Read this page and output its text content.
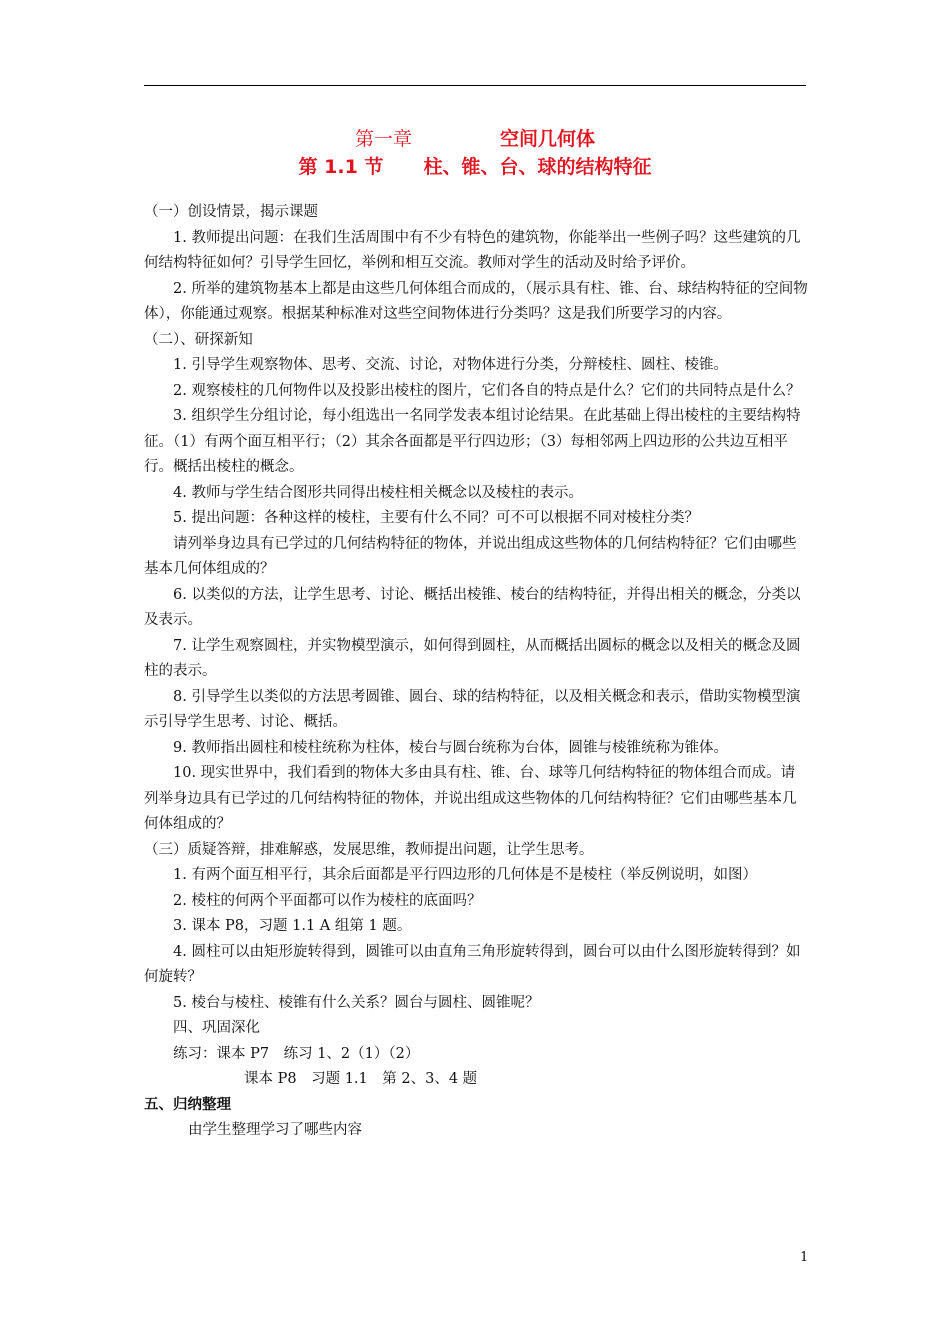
第一章	空间几何体
第 1.1 节 柱、锥、台、球的结构特征

（一）创设情景，揭示课题

1. 教师提出问题：在我们生活周围中有不少有特色的建筑物，你能举出一些例子吗？这些建筑的几何结构特征如何？引导学生回忆，举例和相互交流。教师对学生的活动及时给予评价。

2. 所举的建筑物基本上都是由这些几何体组合而成的，（展示具有柱、锥、台、球结构特征的空间物体），你能通过观察。根据某种标准对这些空间物体进行分类吗？这是我们所要学习的内容。

（二）、研探新知

1. 引导学生观察物体、思考、交流、讨论，对物体进行分类，分辩棱柱、圆柱、棱锥。

2. 观察棱柱的几何物件以及投影出棱柱的图片，它们各自的特点是什么？它们的共同特点是什么？

3. 组织学生分组讨论，每小组选出一名同学发表本组讨论结果。在此基础上得出棱柱的主要结构特征。（1）有两个面互相平行；（2）其余各面都是平行四边形；（3）每相邻两上四边形的公共边互相平行。概括出棱柱的概念。

4. 教师与学生结合图形共同得出棱柱相关概念以及棱柱的表示。

5. 提出问题：各种这样的棱柱，主要有什么不同？可不可以根据不同对棱柱分类？

请列举身边具有已学过的几何结构特征的物体，并说出组成这些物体的几何结构特征？它们由哪些基本几何体组成的？

6. 以类似的方法，让学生思考、讨论、概括出棱锥、棱台的结构特征，并得出相关的概念，分类以及表示。

7. 让学生观察圆柱，并实物模型演示，如何得到圆柱，从而概括出圆标的概念以及相关的概念及圆柱的表示。

8. 引导学生以类似的方法思考圆锥、圆台、球的结构特征，以及相关概念和表示，借助实物模型演示引导学生思考、讨论、概括。

9. 教师指出圆柱和棱柱统称为柱体，棱台与圆台统称为台体，圆锥与棱锥统称为锥体。

10. 现实世界中，我们看到的物体大多由具有柱、锥、台、球等几何结构特征的物体组合而成。请列举身边具有已学过的几何结构特征的物体，并说出组成这些物体的几何结构特征？它们由哪些基本几何体组成的？

（三）质疑答辩，排难解惑，发展思维，教师提出问题，让学生思考。

1. 有两个面互相平行，其余后面都是平行四边形的几何体是不是棱柱（举反例说明，如图）

2. 棱柱的何两个平面都可以作为棱柱的底面吗？

3. 课本 P8，习题 1.1 A 组第 1 题。

4. 圆柱可以由矩形旋转得到，圆锥可以由直角三角形旋转得到，圆台可以由什么图形旋转得到？如何旋转？

5. 棱台与棱柱、棱锥有什么关系？圆台与圆柱、圆锥呢？

四、巩固深化

练习：课本 P7　练习 1、2（1）（2）

课本 P8　习题 1.1　第 2、3、4 题

五、归纳整理

由学生整理学习了哪些内容

1
